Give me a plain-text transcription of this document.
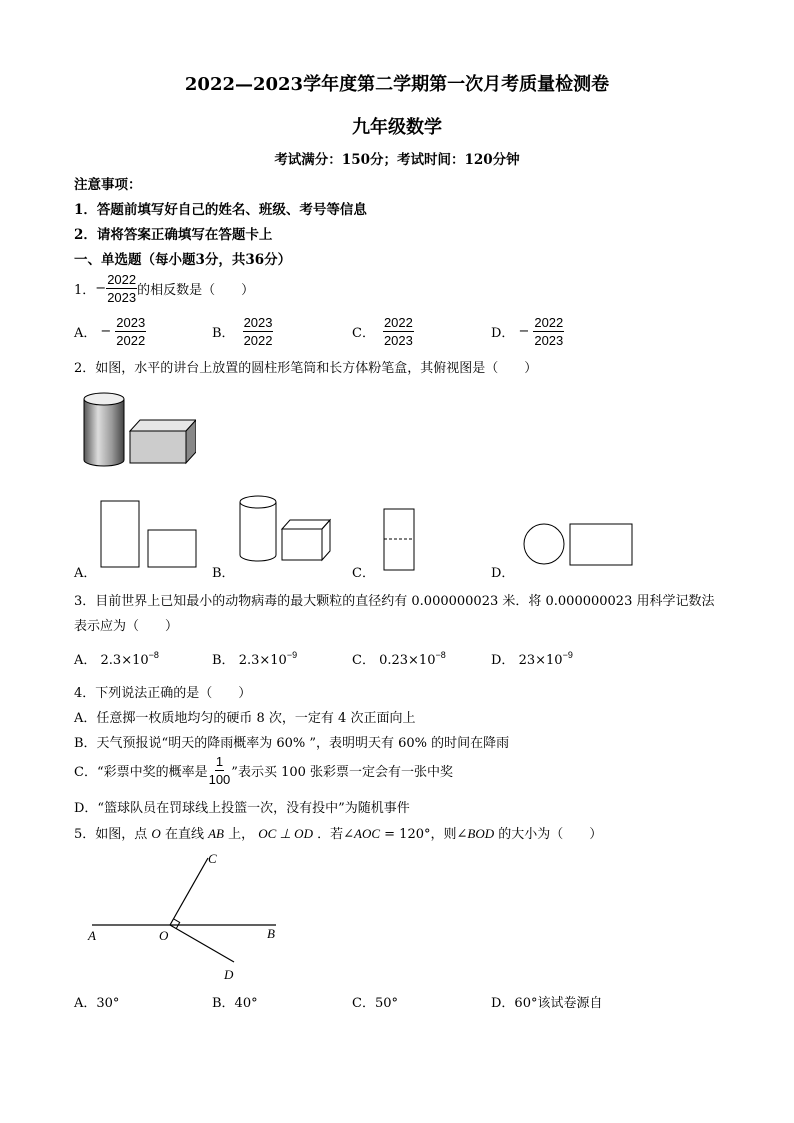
2022—2023学年度第二学期第一次月考质量检测卷
九年级数学
考试满分：150分；考试时间：120分钟
注意事项：
1．答题前填写好自己的姓名、班级、考号等信息
2．请将答案正确填写在答题卡上
一、单选题（每小题3分，共36分）
1． − $\frac{2022}{2023}$ 的相反数是（　　）
A． − $\frac{2023}{2022}$	B． $\frac{2023}{2022}$	C． $\frac{2022}{2023}$	D． − $\frac{2022}{2023}$
2．如图，水平的讲台上放置的圆柱形笔筒和长方体粉笔盒，其俯视图是（　　）
A．	B．	C．	D．
3．目前世界上已知最小的动物病毒的最大颗粒的直径约有 0.000000023 米．将 0.000000023 用科学记数法
表示应为（　　）
A． $2.3\times 10^{-8}$	B． $2.3\times 10^{-9}$	C． $0.23\times 10^{-8}$	D． $23\times 10^{-9}$
4．下列说法正确的是（　　）
A．任意掷一枚质地均匀的硬币 8 次，一定有 4 次正面向上
B．天气预报说“明天的降雨概率为 60% ”，表明明天有 60% 的时间在降雨
C．“彩票中奖的概率是 $\frac{1}{100}$ ”表示买 100 张彩票一定会有一张中奖
D．“篮球队员在罚球线上投篮一次，没有投中”为随机事件
5．如图，点 O 在直线 AB 上， OC ⊥ OD ．若∠AOC = 120°，则∠BOD 的大小为（　　）
A	O	B
C
D
A．30°	B．40°	C．50°	D．60°该试卷源自
